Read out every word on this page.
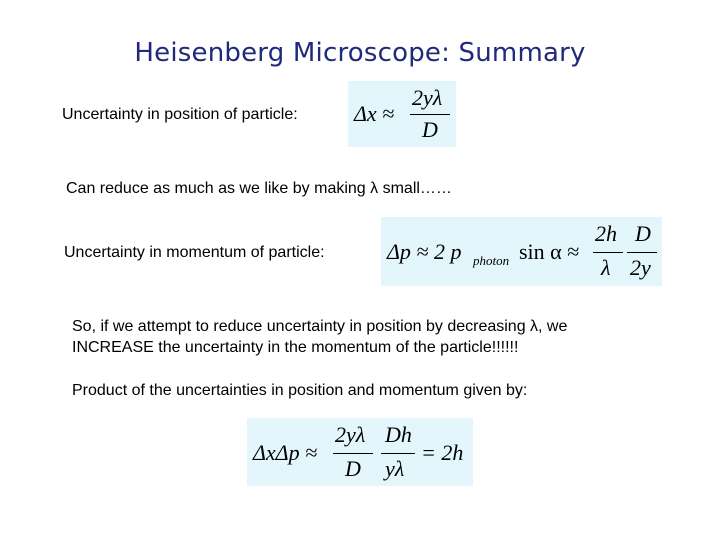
Heisenberg Microscope: Summary
Uncertainty in position of particle:	Δx ≈
2yλ
D
Can reduce as much as we like by making λ small……
Uncertainty in momentum of particle:	Δp ≈ 2 p photon sin α ≈
2h
λ
D
2y
So, if we attempt to reduce uncertainty in position by decreasing λ, we
INCREASE the uncertainty in the momentum of the particle!!!!!!
Product of the uncertainties in position and momentum given by:
ΔxΔp ≈
2yλ
D
Dh
yλ
= 2h
